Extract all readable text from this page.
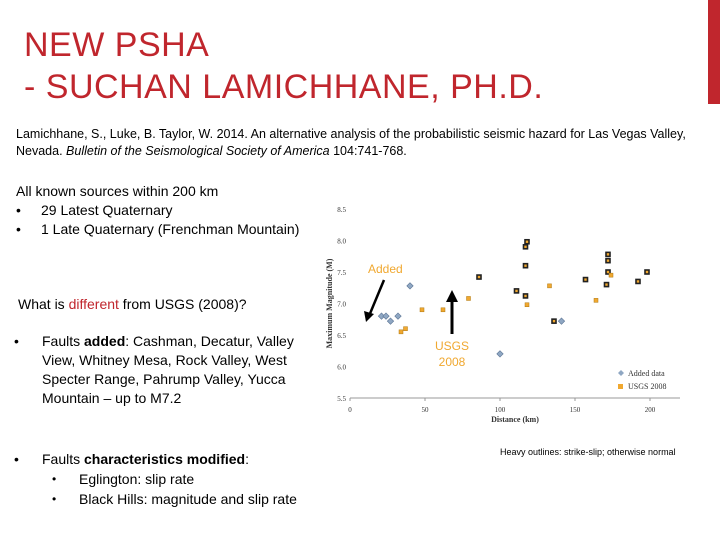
NEW PSHA
- SUCHAN LAMICHHANE, PH.D.
Lamichhane, S., Luke, B. Taylor, W. 2014. An alternative analysis of the probabilistic seismic hazard for Las Vegas Valley, Nevada. Bulletin of the Seismological Society of America 104:741-768.
All known sources within 200 km
• 29 Latest Quaternary
• 1 Late Quaternary (Frenchman Mountain)
What is different from USGS (2008)?
• Faults added: Cashman, Decatur, Valley View, Whitney Mesa, Rock Valley, West Specter Range, Pahrump Valley, Yucca Mountain – up to M7.2
• Faults characteristics modified:
• Eglington: slip rate
• Black Hills: magnitude and slip rate
0	50	100	150	200
5.5
6.0
6.5
7.0
7.5
8.0
8.5
Distance (km)
Maximum Magnitude (M)
Added data
USGS 2008
Added
USGS
2008
Heavy outlines: strike-slip; otherwise normal
